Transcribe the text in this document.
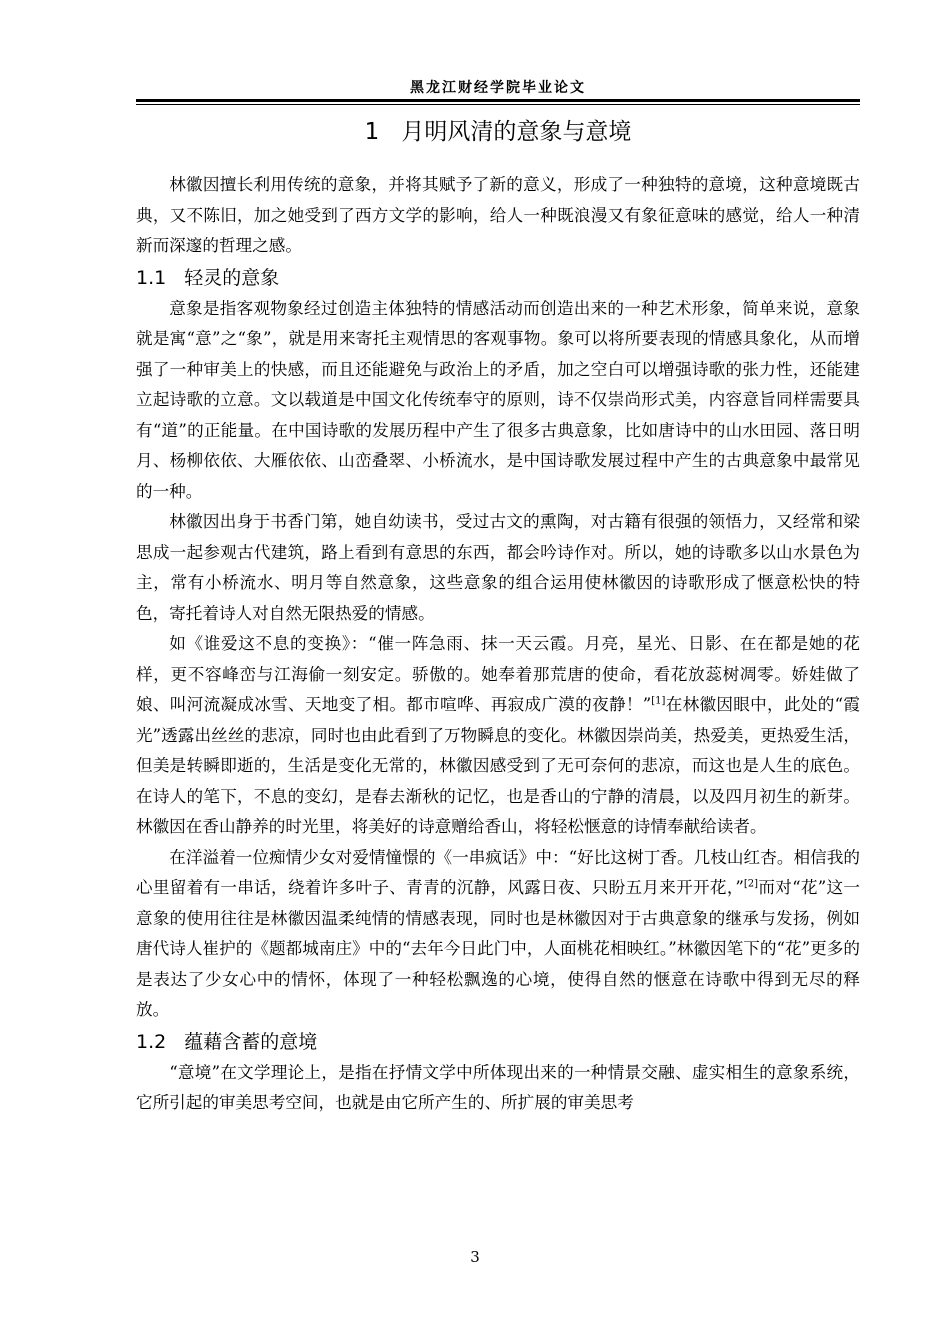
黑龙江财经学院毕业论文
1 月明风清的意象与意境

林徽因擅长利用传统的意象，并将其赋予了新的意义，形成了一种独特的意境，这种意境既古典，又不陈旧，加之她受到了西方文学的影响，给人一种既浪漫又有象征意味的感觉，给人一种清新而深邃的哲理之感。

1.1 轻灵的意象

意象是指客观物象经过创造主体独特的情感活动而创造出来的一种艺术形象，简单来说，意象就是寓“意”之“象”，就是用来寄托主观情思的客观事物。象可以将所要表现的情感具象化，从而增强了一种审美上的快感，而且还能避免与政治上的矛盾，加之空白可以增强诗歌的张力性，还能建立起诗歌的立意。文以载道是中国文化传统奉守的原则，诗不仅崇尚形式美，内容意旨同样需要具有“道”的正能量。在中国诗歌的发展历程中产生了很多古典意象，比如唐诗中的山水田园、落日明月、杨柳依依、大雁依依、山峦叠翠、小桥流水，是中国诗歌发展过程中产生的古典意象中最常见的一种。

林徽因出身于书香门第，她自幼读书，受过古文的熏陶，对古籍有很强的领悟力，又经常和梁思成一起参观古代建筑，路上看到有意思的东西，都会吟诗作对。所以，她的诗歌多以山水景色为主，常有小桥流水、明月等自然意象，这些意象的组合运用使林徽因的诗歌形成了惬意松快的特色，寄托着诗人对自然无限热爱的情感。

如《谁爱这不息的变换》：“催一阵急雨、抹一天云霞。月亮，星光、日影、在在都是她的花样，更不容峰峦与江海偷一刻安定。骄傲的。她奉着那荒唐的使命，看花放蕊树凋零。娇娃做了娘、叫河流凝成冰雪、天地变了相。都市喧哗、再寂成广漠的夜静！”[1]在林徽因眼中，此处的“霞光”透露出丝丝的悲凉，同时也由此看到了万物瞬息的变化。林徽因崇尚美，热爱美，更热爱生活，但美是转瞬即逝的，生活是变化无常的，林徽因感受到了无可奈何的悲凉，而这也是人生的底色。在诗人的笔下，不息的变幻，是春去渐秋的记忆，也是香山的宁静的清晨，以及四月初生的新芽。林徽因在香山静养的时光里，将美好的诗意赠给香山，将轻松惬意的诗情奉献给读者。

在洋溢着一位痴情少女对爱情憧憬的《一串疯话》中：“好比这树丁香。几枝山红杏。相信我的心里留着有一串话，绕着许多叶子、青青的沉静，风露日夜、只盼五月来开开花，”[2]而对“花”这一意象的使用往往是林徽因温柔纯情的情感表现，同时也是林徽因对于古典意象的继承与发扬，例如唐代诗人崔护的《题都城南庄》中的“去年今日此门中，人面桃花相映红。”林徽因笔下的“花”更多的是表达了少女心中的情怀，体现了一种轻松飘逸的心境，使得自然的惬意在诗歌中得到无尽的释放。

1.2 蕴藉含蓄的意境

“意境”在文学理论上，是指在抒情文学中所体现出来的一种情景交融、虚实相生的意象系统，它所引起的审美思考空间，也就是由它所产生的、所扩展的审美思考

3
